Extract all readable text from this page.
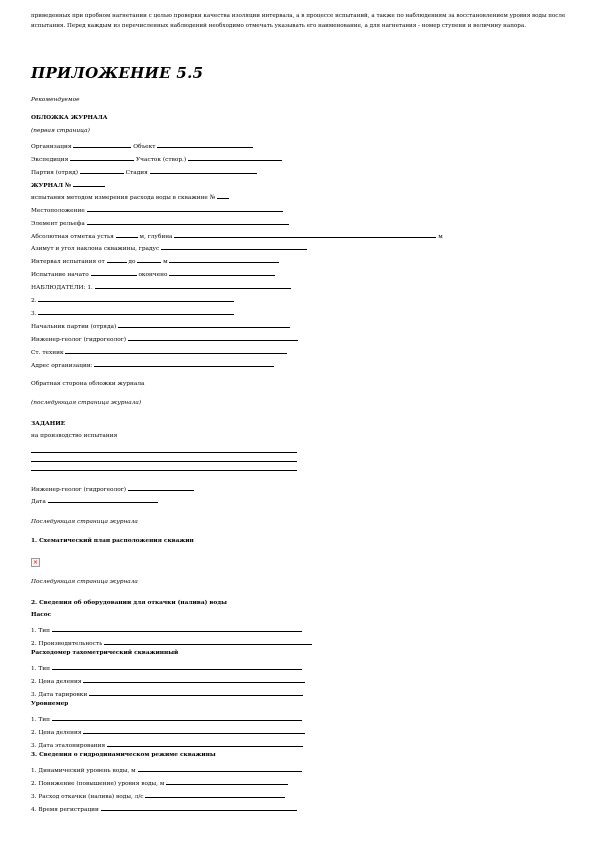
приведенных при пробном нагнетании с целью проверки качества изоляции интервала, а в процессе испытаний, а также по наблюдениям за восстановлением уровня воды после испытания. Перед каждым из перечисленных наблюдений необходимо отмечать указывать его наименование, а для нагнетания - номер ступени и величину напора.
ПРИЛОЖЕНИЕ 5.5
Рекомендуемое
ОБЛОЖКА ЖУРНАЛА
(первая страница)
Организация	Объект
Экспедиция	Участок (створ.)
Партия (отряд)	Стадия
ЖУРНАЛ №
испытания методом измерения расхода воды в скважине №
Местоположение
Элемент рельефа
Абсолютная отметка устья	м, глубина	м
Азимут и угол наклона скважины, градус
Интервал испытания от	до	м
Испытание начато	окончено
НАБЛЮДАТЕЛИ: 1.
2.
3.
Начальник партии (отряда)
Инженер-геолог (гидрогеолог)
Ст. техник
Адрес организации:
Обратная сторона обложки журнала
(последующая страница журнала)
ЗАДАНИЕ
на производство испытания
Инженер-геолог (гидрогеолог)
Дата
Последующая страница журнала
1. Схематический план расположения скважин
×
Последующая страница журнала
2. Сведения об оборудовании для откачки (налива) воды
Насос
1. Тип
2. Производительность
Расходомер тахометрический скважинный
1. Тип
2. Цена деления
3. Дата тарировки
Уровнемер
1. Тип
2. Цена деления
3. Дата эталонирования
3. Сведения о гидродинамическом режиме скважины
1. Динамический уровень воды, м
2. Понижение (повышение) уровня воды, м
3. Расход откачки (налива) воды, л/с
4. Время регистрации
